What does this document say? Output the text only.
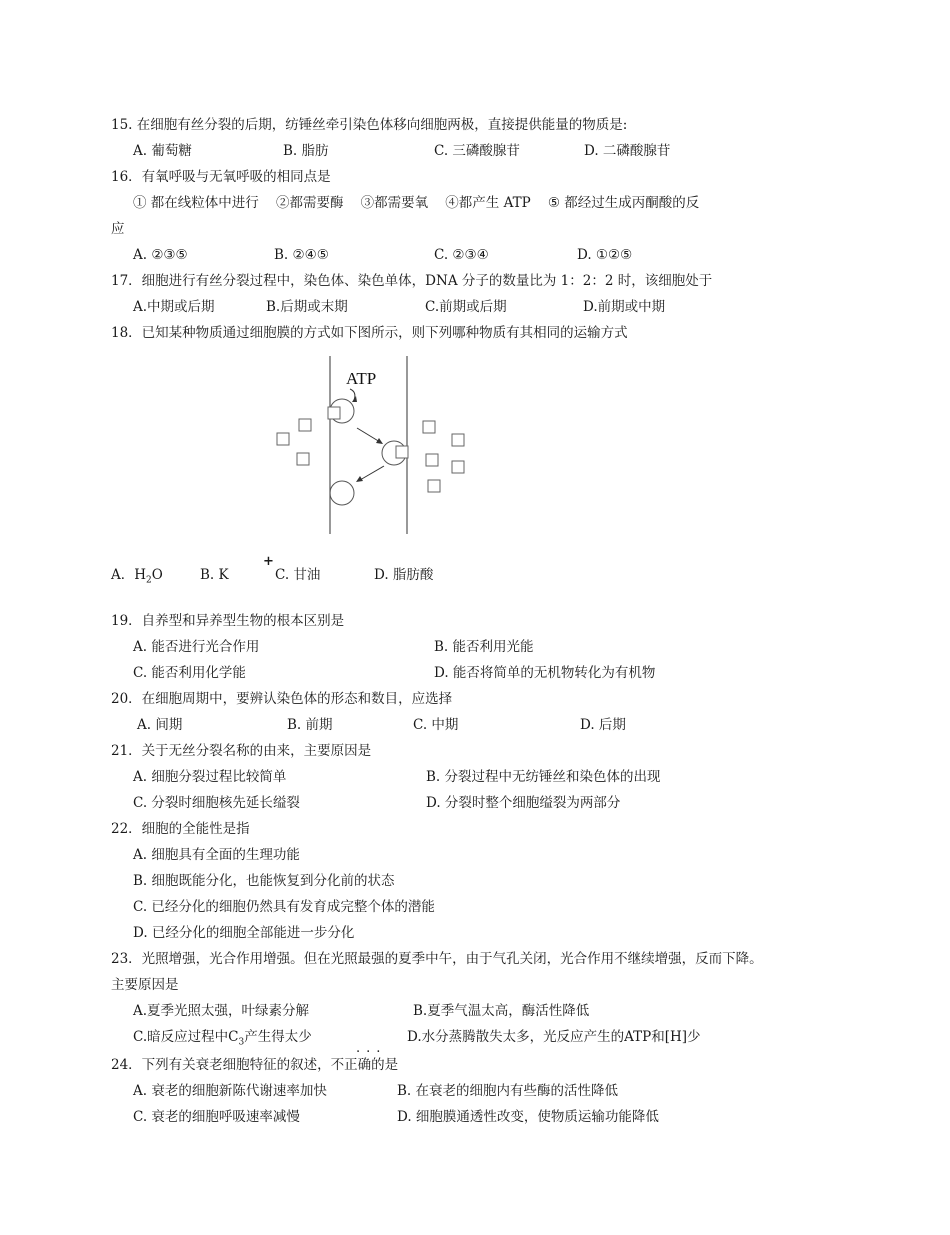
15. 在细胞有丝分裂的后期，纺锤丝牵引染色体移向细胞两极，直接提供能量的物质是:
A. 葡萄糖	B. 脂肪	C. 三磷酸腺苷	D. 二磷酸腺苷
16．有氧呼吸与无氧呼吸的相同点是
① 都在线粒体中进行    ②都需要酶    ③都需要氧    ④都产生 ATP    ⑤ 都经过生成丙酮酸的反
应
A. ②③⑤	B. ②④⑤	C. ②③④	D. ①②⑤
17．细胞进行有丝分裂过程中，染色体、染色单体，DNA 分子的数量比为 1：2：2 时，该细胞处于
A.中期或后期	B.后期或末期	C.前期或后期	D.前期或中期
18．已知某种物质通过细胞膜的方式如下图所示，则下列哪种物质有其相同的运输方式
ATP
A．$H_2O$	B. K
+
C. 甘油	D. 脂肪酸
19．自养型和异养型生物的根本区别是
A. 能否进行光合作用	B. 能否利用光能
C. 能否利用化学能	D. 能否将简单的无机物转化为有机物
20．在细胞周期中，要辨认染色体的形态和数目，应选择
A. 间期	B. 前期	C. 中期	D. 后期
21．关于无丝分裂名称的由来，主要原因是
A. 细胞分裂过程比较简单	B. 分裂过程中无纺锤丝和染色体的出现
C. 分裂时细胞核先延长缢裂	D. 分裂时整个细胞缢裂为两部分
22．细胞的全能性是指
A. 细胞具有全面的生理功能
B. 细胞既能分化，也能恢复到分化前的状态
C. 已经分化的细胞仍然具有发育成完整个体的潜能
D. 已经分化的细胞全部能进一步分化
23．光照增强，光合作用增强。但在光照最强的夏季中午，由于气孔关闭，光合作用不继续增强，反而下降。
主要原因是
A.夏季光照太强，叶绿素分解	B.夏季气温太高，酶活性降低
C.暗反应过程中$C_3$产生得太少	D.水分蒸腾散失太多，光反应产生的ATP和[H]少
...
24．下列有关衰老细胞特征的叙述，不正确的是
A. 衰老的细胞新陈代谢速率加快	B. 在衰老的细胞内有些酶的活性降低
C. 衰老的细胞呼吸速率减慢	D. 细胞膜通透性改变，使物质运输功能降低
